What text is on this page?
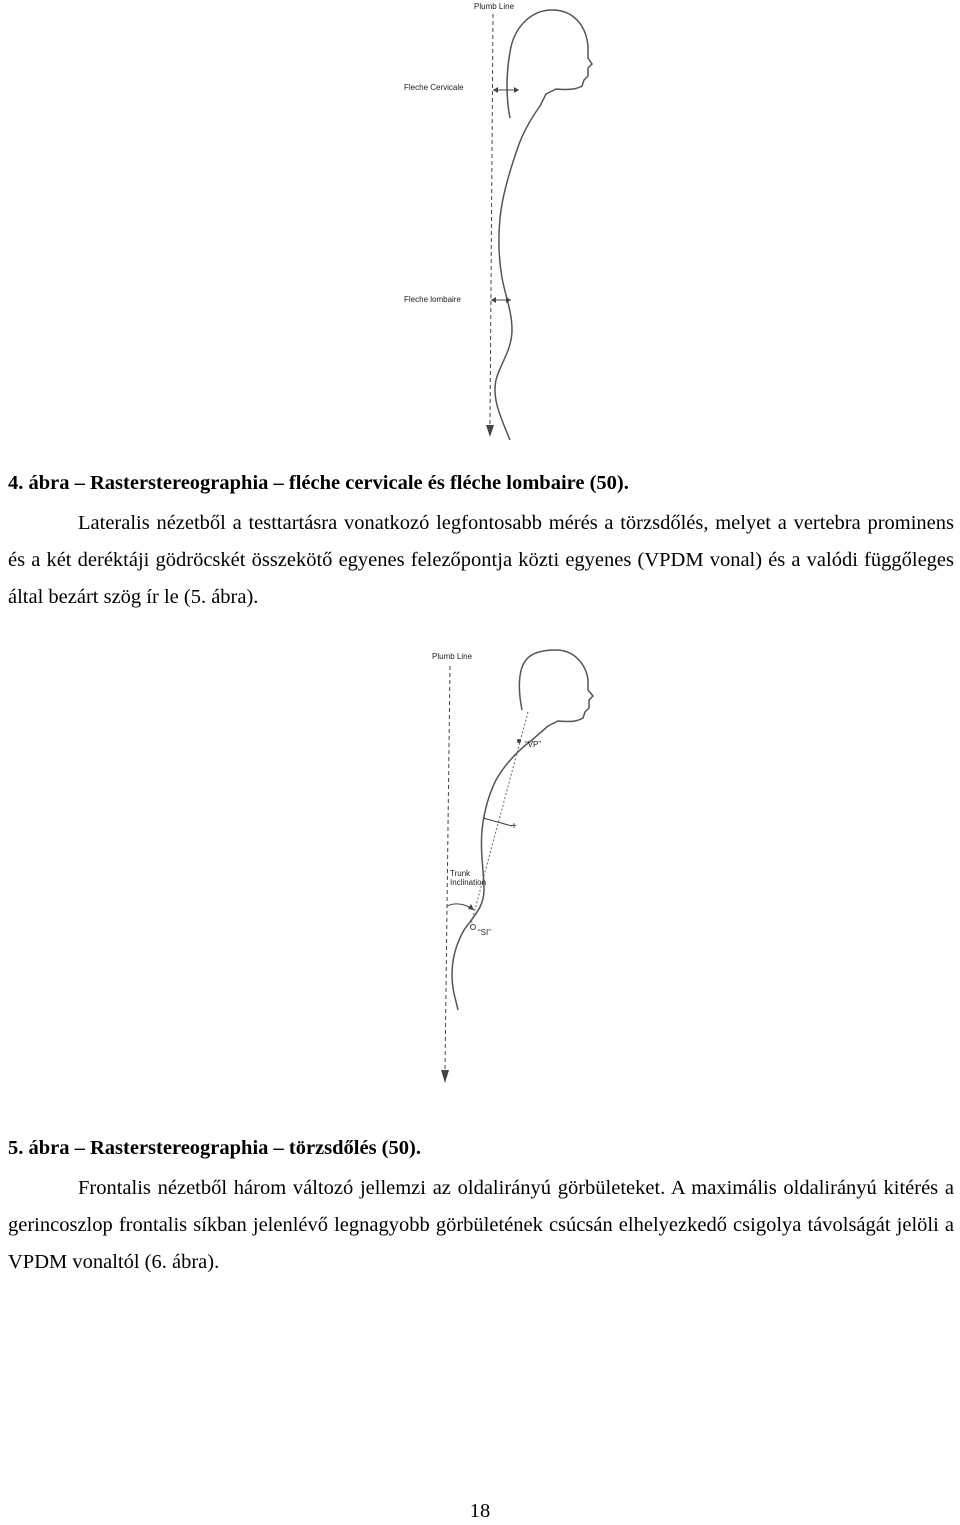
Plumb Line
Fleche Cervicale
Fleche lombaire

4. ábra – Rasterstereographia – fléche cervicale és fléche lombaire (50).

Lateralis nézetből a testtartásra vonatkozó legfontosabb mérés a törzsdőlés, melyet a vertebra prominens és a két deréktáji gödröcskét összekötő egyenes felezőpontja közti egyenes (VPDM vonal) és a valódi függőleges által bezárt szög ír le (5. ábra).

Plumb Line
“VP”
+
Trunk
Inclination
“SI”

5. ábra – Rasterstereographia – törzsdőlés (50).

Frontalis nézetből három változó jellemzi az oldalirányú görbületeket. A maximális oldalirányú kitérés a gerincoszlop frontalis síkban jelenlévő legnagyobb görbületének csúcsán elhelyezkedő csigolya távolságát jelöli a VPDM vonaltól (6. ábra).

18
